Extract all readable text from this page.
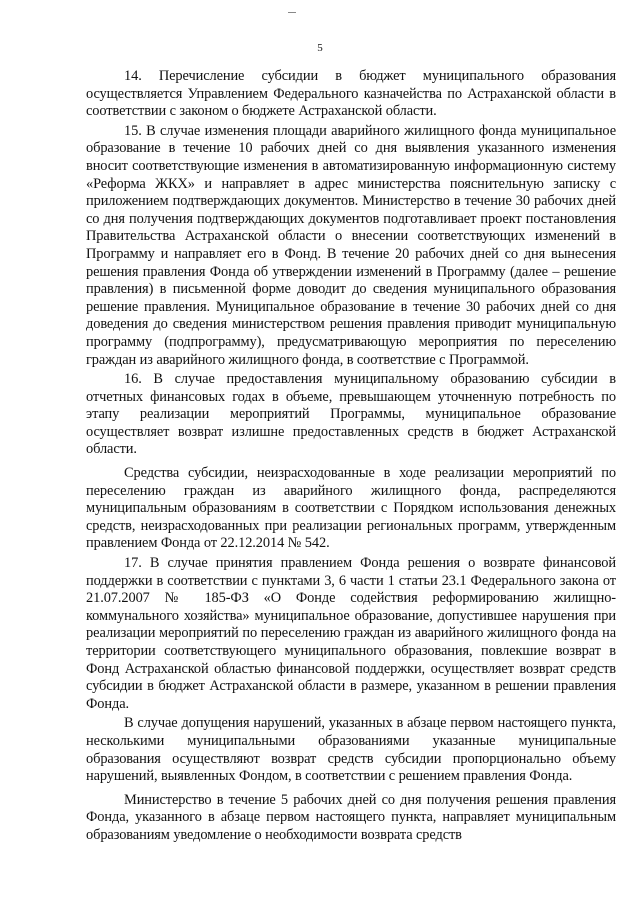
5

14. Перечисление субсидии в бюджет муниципального образования осуществляется Управлением Федерального казначейства по Астраханской области в соответствии с законом о бюджете Астраханской области.

15. В случае изменения площади аварийного жилищного фонда муниципальное образование в течение 10 рабочих дней со дня выявления указанного изменения вносит соответствующие изменения в автоматизированную информационную систему «Реформа ЖКХ» и направляет в адрес министерства пояснительную записку с приложением подтверждающих документов. Министерство в течение 30 рабочих дней со дня получения подтверждающих документов подготавливает проект постановления Правительства Астраханской области о внесении соответствующих изменений в Программу и направляет его в Фонд. В течение 20 рабочих дней со дня вынесения решения правления Фонда об утверждении изменений в Программу (далее – решение правления) в письменной форме доводит до сведения муниципального образования решение правления. Муниципальное образование в течение 30 рабочих дней со дня доведения до сведения министерством решения правления приводит муниципальную программу (подпрограмму), предусматривающую мероприятия по переселению граждан из аварийного жилищного фонда, в соответствие с Программой.

16. В случае предоставления муниципальному образованию субсидии в отчетных финансовых годах в объеме, превышающем уточненную потребность по этапу реализации мероприятий Программы, муниципальное образование осуществляет возврат излишне предоставленных средств в бюджет Астраханской области.

Средства субсидии, неизрасходованные в ходе реализации мероприятий по переселению граждан из аварийного жилищного фонда, распределяются муниципальным образованиям в соответствии с Порядком использования денежных средств, неизрасходованных при реализации региональных программ, утвержденным правлением Фонда от 22.12.2014 № 542.

17. В случае принятия правлением Фонда решения о возврате финансовой поддержки в соответствии с пунктами 3, 6 части 1 статьи 23.1 Федерального закона от 21.07.2007 № 185-ФЗ «О Фонде содействия реформированию жилищно-коммунального хозяйства» муниципальное образование, допустившее нарушения при реализации мероприятий по переселению граждан из аварийного жилищного фонда на территории соответствующего муниципального образования, повлекшие возврат в Фонд Астраханской областью финансовой поддержки, осуществляет возврат средств субсидии в бюджет Астраханской области в размере, указанном в решении правления Фонда.

В случае допущения нарушений, указанных в абзаце первом настоящего пункта, несколькими муниципальными образованиями указанные муниципальные образования осуществляют возврат средств субсидии пропорционально объему нарушений, выявленных Фондом, в соответствии с решением правления Фонда.

Министерство в течение 5 рабочих дней со дня получения решения правления Фонда, указанного в абзаце первом настоящего пункта, направляет муниципальным образованиям уведомление о необходимости возврата средств
